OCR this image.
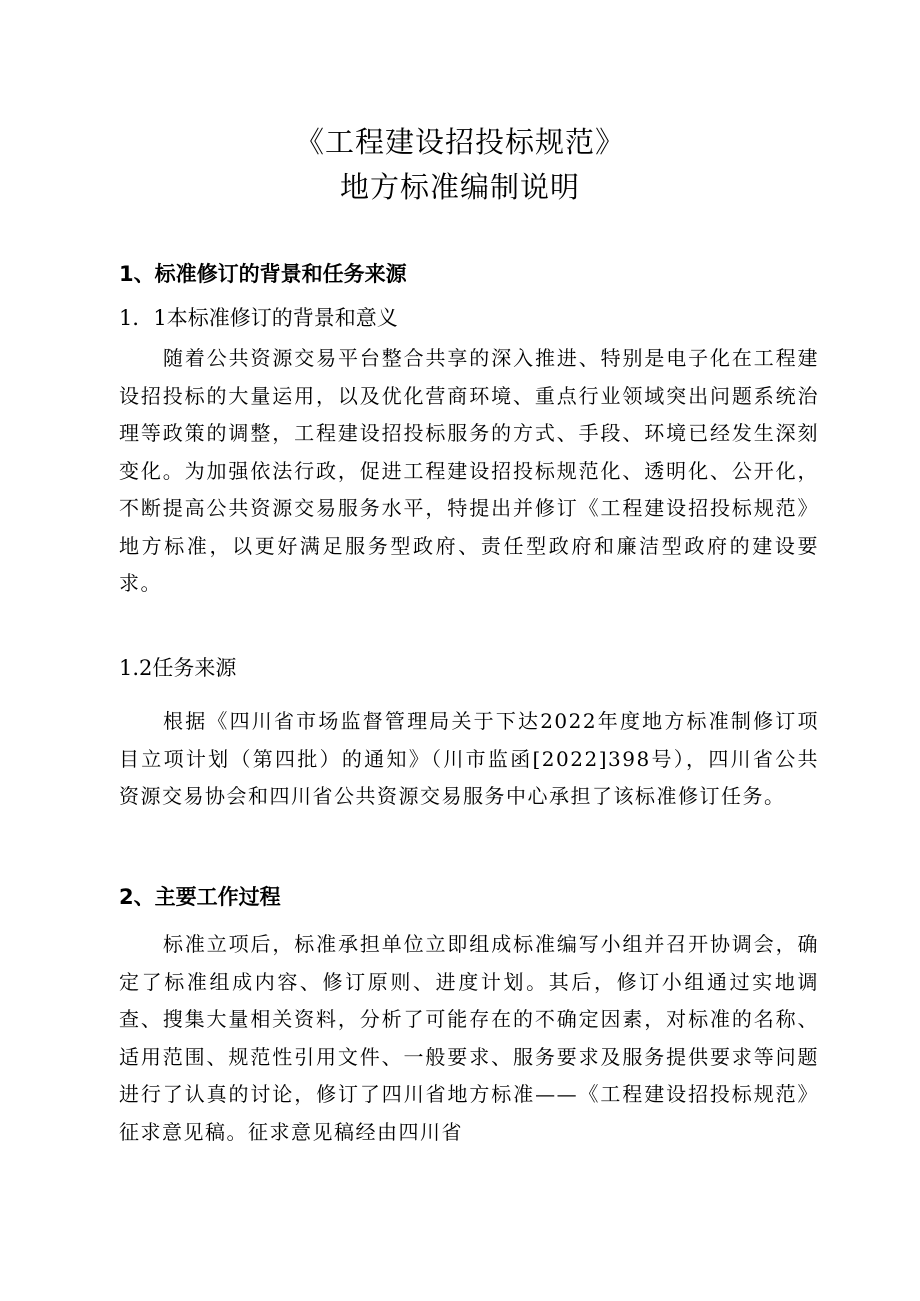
《工程建设招投标规范》
地方标准编制说明
1、标准修订的背景和任务来源
1．1本标准修订的背景和意义
随着公共资源交易平台整合共享的深入推进、特别是电子化在工程建设招投标的大量运用，以及优化营商环境、重点行业领域突出问题系统治理等政策的调整，工程建设招投标服务的方式、手段、环境已经发生深刻变化。为加强依法行政，促进工程建设招投标规范化、透明化、公开化，不断提高公共资源交易服务水平，特提出并修订《工程建设招投标规范》地方标准，以更好满足服务型政府、责任型政府和廉洁型政府的建设要求。
1.2任务来源
根据《四川省市场监督管理局关于下达2022年度地方标准制修订项目立项计划（第四批）的通知》（川市监函[2022]398号），四川省公共资源交易协会和四川省公共资源交易服务中心承担了该标准修订任务。
2、主要工作过程
标准立项后，标准承担单位立即组成标准编写小组并召开协调会，确定了标准组成内容、修订原则、进度计划。其后，修订小组通过实地调查、搜集大量相关资料，分析了可能存在的不确定因素，对标准的名称、适用范围、规范性引用文件、一般要求、服务要求及服务提供要求等问题进行了认真的讨论，修订了四川省地方标准——《工程建设招投标规范》征求意见稿。征求意见稿经由四川省
